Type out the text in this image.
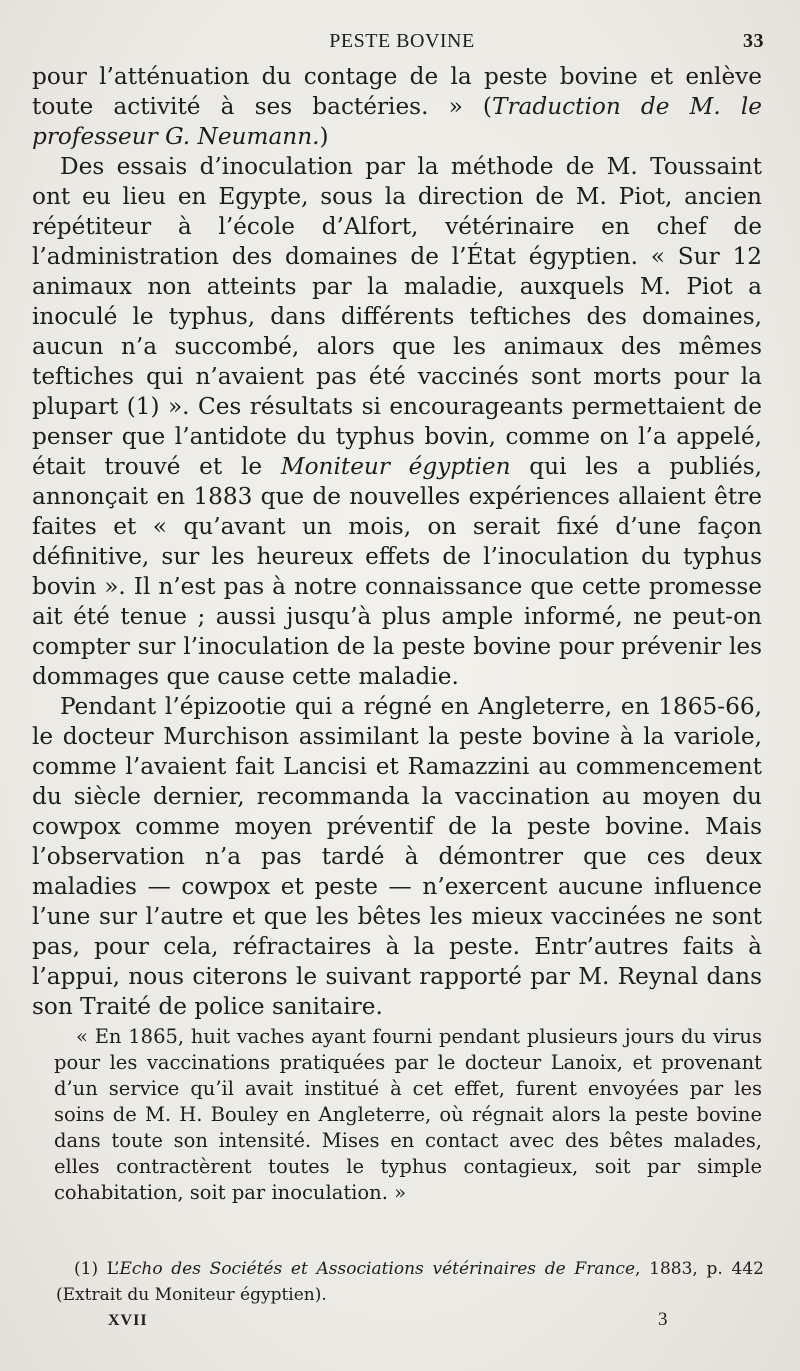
PESTE BOVINE	33

pour l’atténuation du contage de la peste bovine et enlève toute activité à ses bactéries. » (Traduction de M. le professeur G. Neumann.)

Des essais d’inoculation par la méthode de M. Toussaint ont eu lieu en Egypte, sous la direction de M. Piot, ancien répétiteur à l’école d’Alfort, vétérinaire en chef de l’administration des domaines de l’État égyptien. « Sur 12 animaux non atteints par la maladie, auxquels M. Piot a inoculé le typhus, dans différents teftiches des domaines, aucun n’a succombé, alors que les animaux des mêmes teftiches qui n’avaient pas été vaccinés sont morts pour la plupart (1) ». Ces résultats si encourageants permettaient de penser que l’antidote du typhus bovin, comme on l’a appelé, était trouvé et le Moniteur égyptien qui les a publiés, annonçait en 1883 que de nouvelles expériences allaient être faites et « qu’avant un mois, on serait fixé d’une façon définitive, sur les heureux effets de l’inoculation du typhus bovin ». Il n’est pas à notre connaissance que cette promesse ait été tenue ; aussi jusqu’à plus ample informé, ne peut-on compter sur l’inoculation de la peste bovine pour prévenir les dommages que cause cette maladie.

Pendant l’épizootie qui a régné en Angleterre, en 1865-66, le docteur Murchison assimilant la peste bovine à la variole, comme l’avaient fait Lancisi et Ramazzini au commencement du siècle dernier, recommanda la vaccination au moyen du cowpox comme moyen préventif de la peste bovine. Mais l’observation n’a pas tardé à démontrer que ces deux maladies — cowpox et peste — n’exercent aucune influence l’une sur l’autre et que les bêtes les mieux vaccinées ne sont pas, pour cela, réfractaires à la peste. Entr’autres faits à l’appui, nous citerons le suivant rapporté par M. Reynal dans son Traité de police sanitaire.

« En 1865, huit vaches ayant fourni pendant plusieurs jours du virus pour les vaccinations pratiquées par le docteur Lanoix, et provenant d’un service qu’il avait institué à cet effet, furent envoyées par les soins de M. H. Bouley en Angleterre, où régnait alors la peste bovine dans toute son intensité. Mises en contact avec des bêtes malades, elles contractèrent toutes le typhus contagieux, soit par simple cohabitation, soit par inoculation. »

(1) L’Echo des Sociétés et Associations vétérinaires de France, 1883, p. 442 (Extrait du Moniteur égyptien).

XVII	3
